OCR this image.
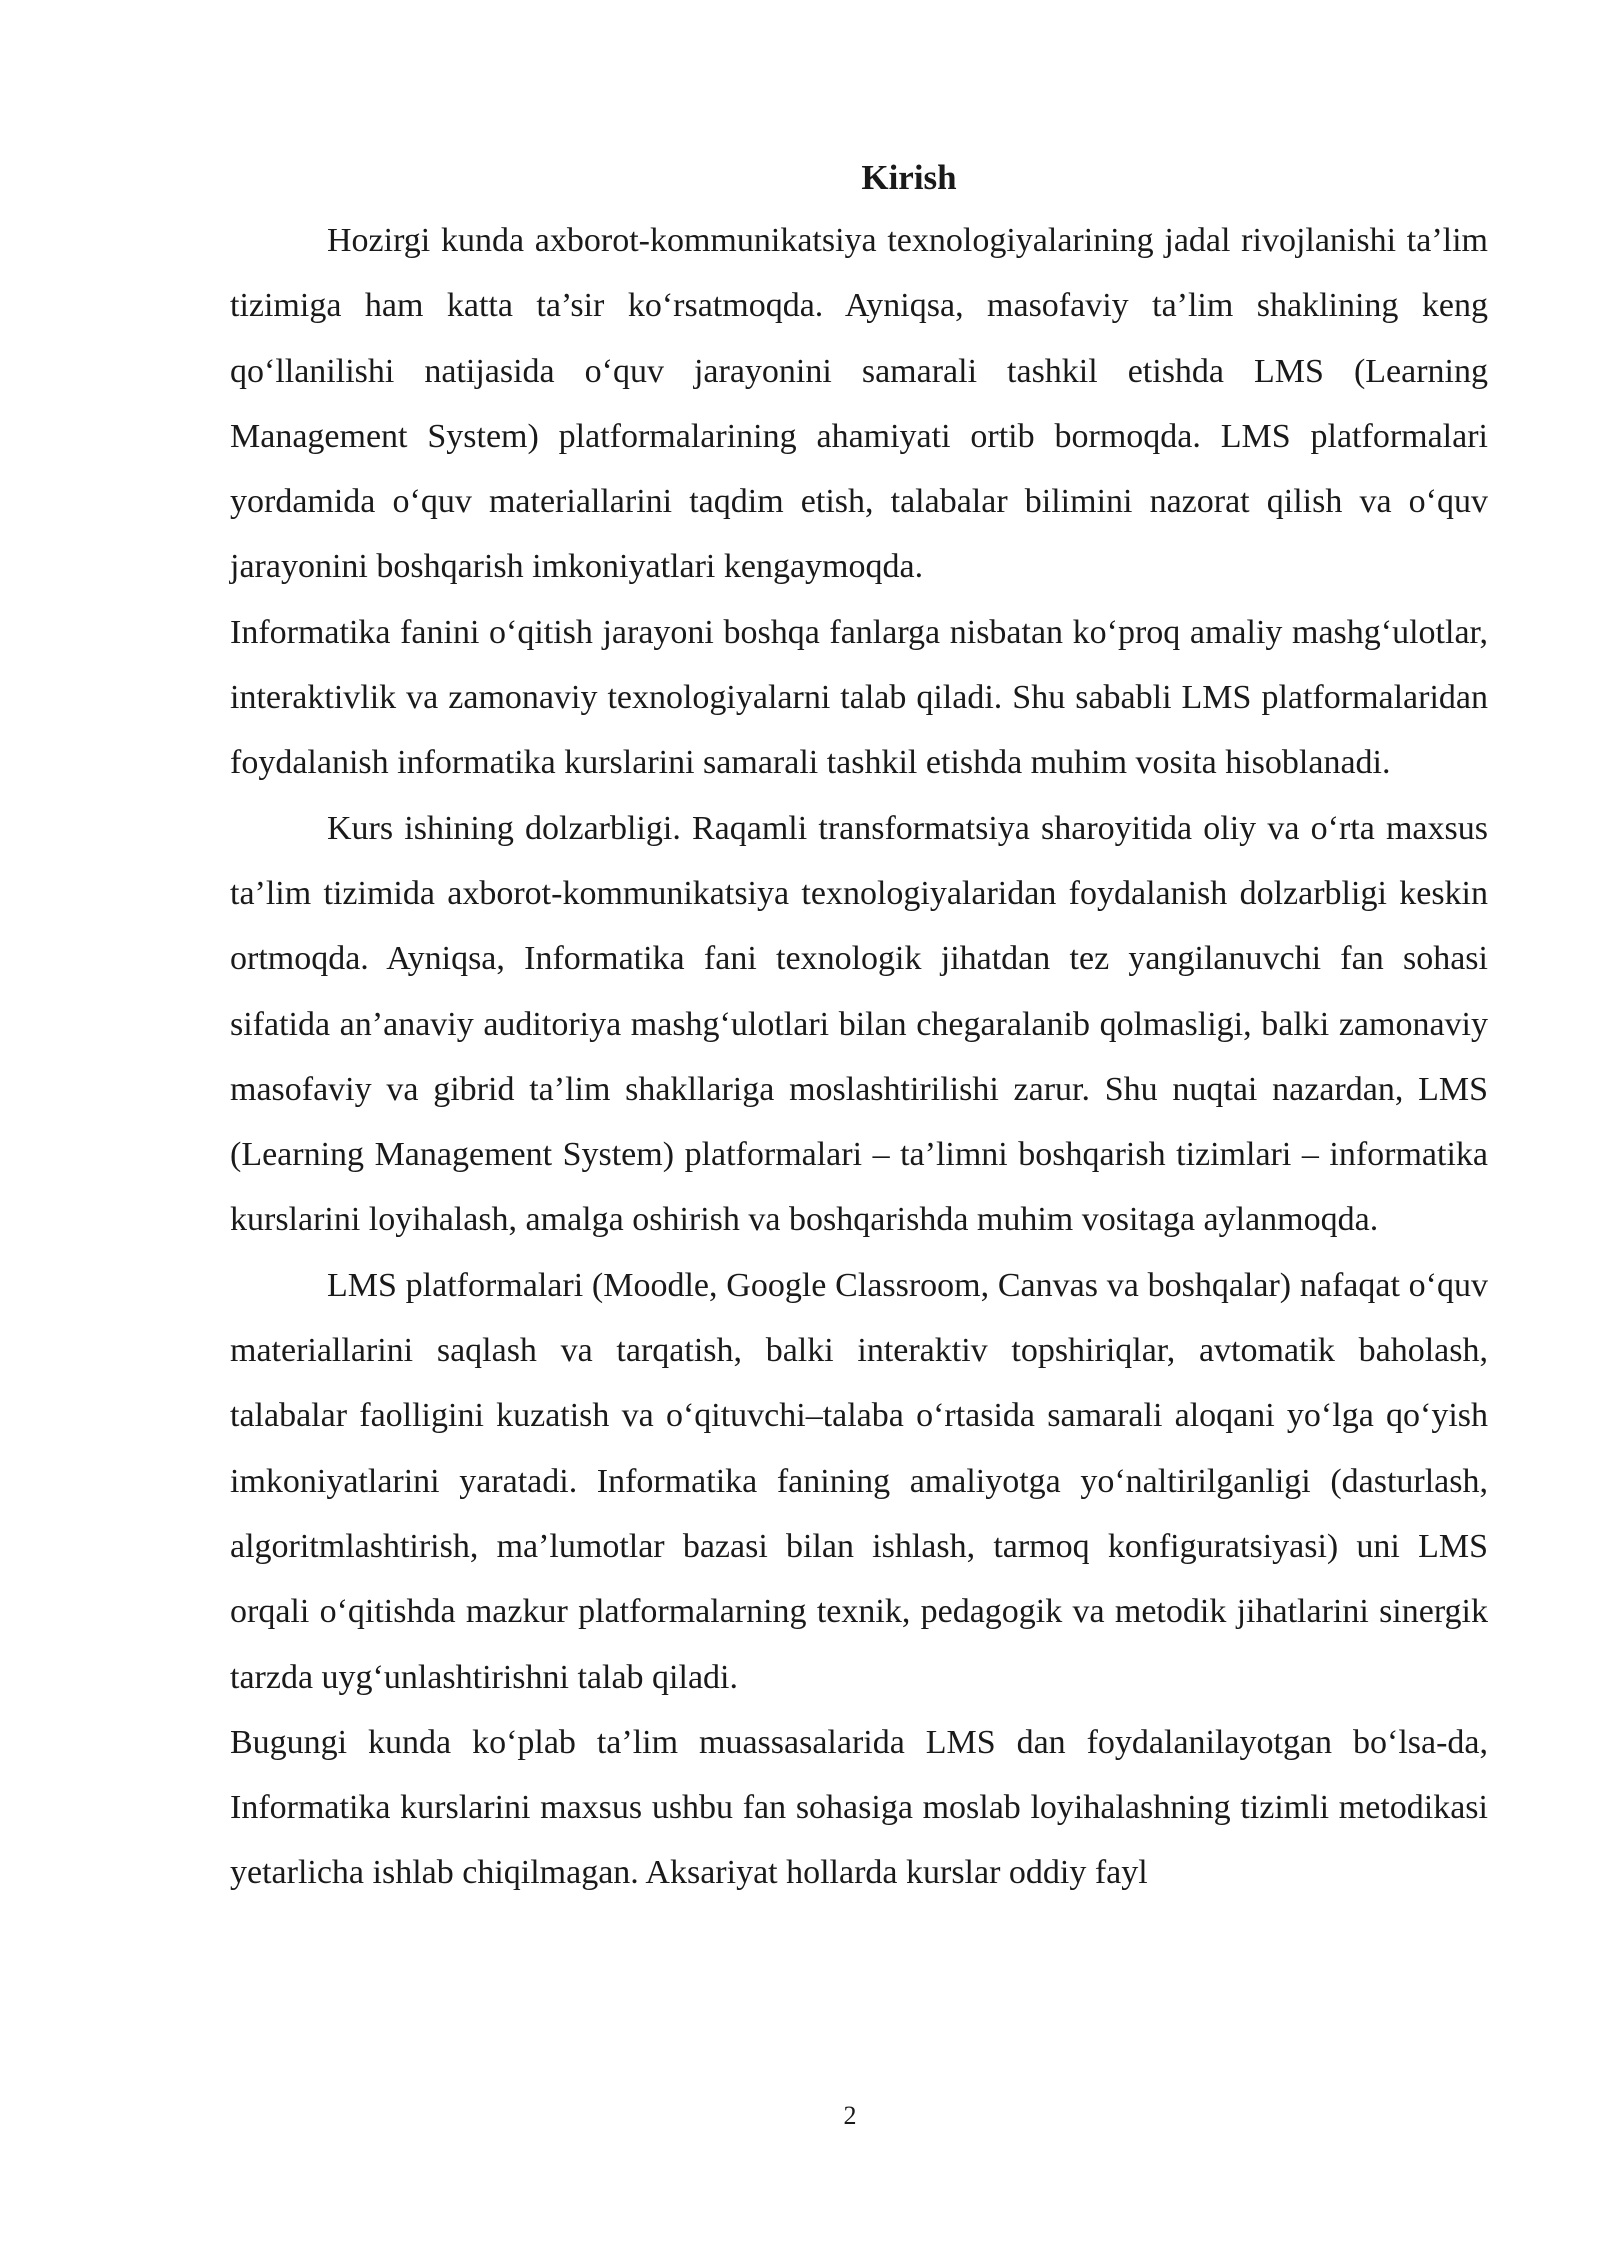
Kirish

Hozirgi kunda axborot-kommunikatsiya texnologiyalarining jadal rivojlanishi ta’lim tizimiga ham katta ta’sir ko‘rsatmoqda. Ayniqsa, masofaviy ta’lim shaklining keng qo‘llanilishi natijasida o‘quv jarayonini samarali tashkil etishda LMS (Learning Management System) platformalarining ahamiyati ortib bormoqda. LMS platformalari yordamida o‘quv materiallarini taqdim etish, talabalar bilimini nazorat qilish va o‘quv jarayonini boshqarish imkoniyatlari kengaymoqda.

Informatika fanini o‘qitish jarayoni boshqa fanlarga nisbatan ko‘proq amaliy mashg‘ulotlar, interaktivlik va zamonaviy texnologiyalarni talab qiladi. Shu sababli LMS platformalaridan foydalanish informatika kurslarini samarali tashkil etishda muhim vosita hisoblanadi.

Kurs ishining dolzarbligi. Raqamli transformatsiya sharoyitida oliy va o‘rta maxsus ta’lim tizimida axborot-kommunikatsiya texnologiyalaridan foydalanish dolzarbligi keskin ortmoqda. Ayniqsa, Informatika fani texnologik jihatdan tez yangilanuvchi fan sohasi sifatida an’anaviy auditoriya mashg‘ulotlari bilan chegaralanib qolmasligi, balki zamonaviy masofaviy va gibrid ta’lim shakllariga moslashtirilishi zarur. Shu nuqtai nazardan, LMS (Learning Management System) platformalari – ta’limni boshqarish tizimlari – informatika kurslarini loyihalash, amalga oshirish va boshqarishda muhim vositaga aylanmoqda.

LMS platformalari (Moodle, Google Classroom, Canvas va boshqalar) nafaqat o‘quv materiallarini saqlash va tarqatish, balki interaktiv topshiriqlar, avtomatik baholash, talabalar faolligini kuzatish va o‘qituvchi–talaba o‘rtasida samarali aloqani yo‘lga qo‘yish imkoniyatlarini yaratadi. Informatika fanining amaliyotga yo‘naltirilganligi (dasturlash, algoritmlashtirish, ma’lumotlar bazasi bilan ishlash, tarmoq konfiguratsiyasi) uni LMS orqali o‘qitishda mazkur platformalarning texnik, pedagogik va metodik jihatlarini sinergik tarzda uyg‘unlashtirishni talab qiladi.

Bugungi kunda ko‘plab ta’lim muassasalarida LMS dan foydalanilayotgan bo‘lsa-da, Informatika kurslarini maxsus ushbu fan sohasiga moslab loyihalashning tizimli metodikasi yetarlicha ishlab chiqilmagan. Aksariyat hollarda kurslar oddiy fayl

2
